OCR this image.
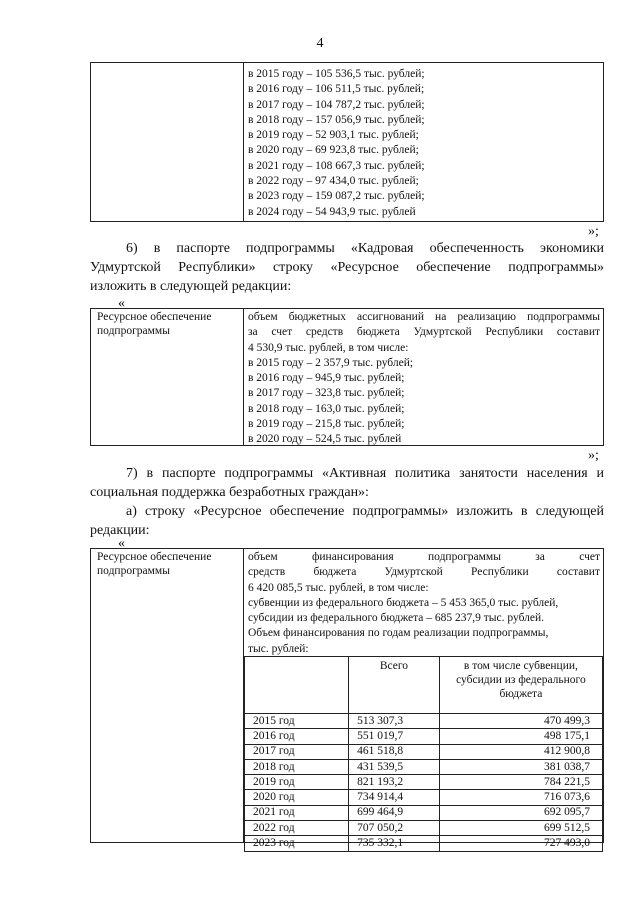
4
в 2015 году – 105 536,5 тыс. рублей;
в 2016 году – 106 511,5 тыс. рублей;
в 2017 году – 104 787,2 тыс. рублей;
в 2018 году – 157 056,9 тыс. рублей;
в 2019 году – 52 903,1 тыс. рублей;
в 2020 году – 69 923,8 тыс. рублей;
в 2021 году – 108 667,3 тыс. рублей;
в 2022 году – 97 434,0 тыс. рублей;
в 2023 году – 159 087,2 тыс. рублей;
в 2024 году – 54 943,9 тыс. рублей
»;
6) в паспорте подпрограммы «Кадровая обеспеченность экономики
Удмуртской Республики» строку «Ресурсное обеспечение подпрограммы»
изложить в следующей редакции:
«
Ресурсное обеспечение
подпрограммы
объем бюджетных ассигнований на реализацию подпрограммы
за счет средств бюджета Удмуртской Республики составит
4 530,9 тыс. рублей, в том числе:
в 2015 году – 2 357,9 тыс. рублей;
в 2016 году – 945,9 тыс. рублей;
в 2017 году – 323,8 тыс. рублей;
в 2018 году – 163,0 тыс. рублей;
в 2019 году – 215,8 тыс. рублей;
в 2020 году – 524,5 тыс. рублей
»;
7) в паспорте подпрограммы «Активная политика занятости населения и
социальная поддержка безработных граждан»:
а) строку «Ресурсное обеспечение подпрограммы» изложить в следующей
редакции:
«
Ресурсное обеспечение
подпрограммы
объем финансирования подпрограммы за счет
средств бюджета Удмуртской Республики составит
6 420 085,5 тыс. рублей, в том числе:
субвенции из федерального бюджета – 5 453 365,0 тыс. рублей,
субсидии из федерального бюджета – 685 237,9 тыс. рублей.
Объем финансирования по годам реализации подпрограммы,
тыс. рублей:
	Всего	в том числе субвенции, субсидии из федерального бюджета
2015 год	513 307,3	470 499,3
2016 год	551 019,7	498 175,1
2017 год	461 518,8	412 900,8
2018 год	431 539,5	381 038,7
2019 год	821 193,2	784 221,5
2020 год	734 914,4	716 073,6
2021 год	699 464,9	692 095,7
2022 год	707 050,2	699 512,5
2023 год	735 332,1	727 493,0
